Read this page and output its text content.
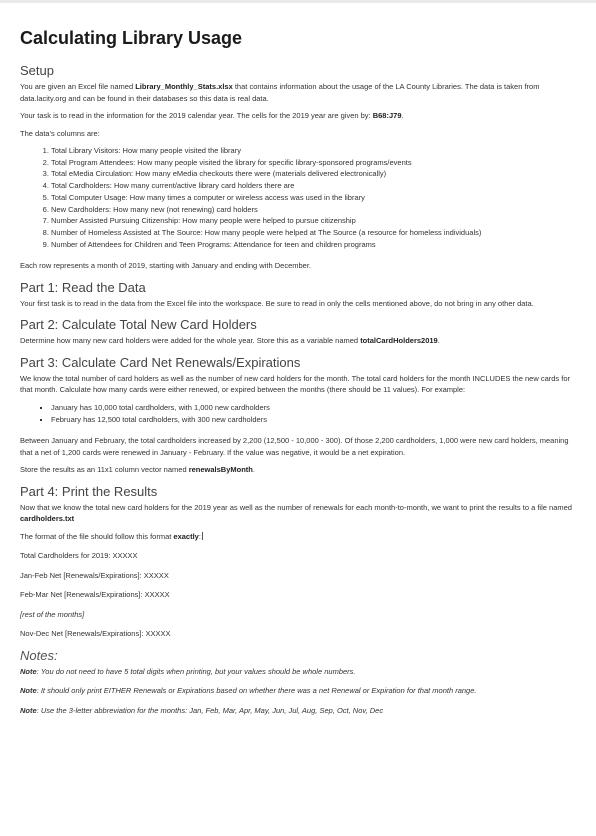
Calculating Library Usage
Setup

You are given an Excel file named Library_Monthly_Stats.xlsx that contains information about the usage of the LA County Libraries. The data is taken from data.lacity.org and can be found in their databases so this data is real data.

Your task is to read in the information for the 2019 calendar year. The cells for the 2019 year are given by: B68:J79.

The data's columns are:

1. Total Library Visitors: How many people visited the library
2. Total Program Attendees: How many people visited the library for specific library-sponsored programs/events
3. Total eMedia Circulation: How many eMedia checkouts there were (materials delivered electronically)
4. Total Cardholders: How many current/active library card holders there are
5. Total Computer Usage: How many times a computer or wireless access was used in the library
6. New Cardholders: How many new (not renewing) card holders
7. Number Assisted Pursuing Citizenship: How many people were helped to pursue citizenship
8. Number of Homeless Assisted at The Source: How many people were helped at The Source (a resource for homeless individuals)
9. Number of Attendees for Children and Teen Programs: Attendance for teen and children programs

Each row represents a month of 2019, starting with January and ending with December.

Part 1: Read the Data

Your first task is to read in the data from the Excel file into the workspace. Be sure to read in only the cells mentioned above, do not bring in any other data.

Part 2: Calculate Total New Card Holders

Determine how many new card holders were added for the whole year. Store this as a variable named totalCardHolders2019.

Part 3: Calculate Card Net Renewals/Expirations

We know the total number of card holders as well as the number of new card holders for the month. The total card holders for the month INCLUDES the new cards for that month. Calculate how many cards were either renewed, or expired between the months (there should be 11 values). For example:

▪ January has 10,000 total cardholders, with 1,000 new cardholders
▪ February has 12,500 total cardholders, with 300 new cardholders

Between January and February, the total cardholders increased by 2,200 (12,500 - 10,000 - 300). Of those 2,200 cardholders, 1,000 were new card holders, meaning that a net of 1,200 cards were renewed in January - February. If the value was negative, it would be a net expiration.

Store the results as an 11x1 column vector named renewalsByMonth.

Part 4: Print the Results

Now that we know the total new card holders for the 2019 year as well as the number of renewals for each month-to-month, we want to print the results to a file named cardholders.txt

The format of the file should follow this format exactly:

Total Cardholders for 2019: XXXXX

Jan-Feb Net [Renewals/Expirations]: XXXXX

Feb-Mar Net [Renewals/Expirations]: XXXXX

[rest of the months]

Nov-Dec Net [Renewals/Expirations]: XXXXX

Notes:

Note: You do not need to have 5 total digits when printing, but your values should be whole numbers.

Note: It should only print EITHER Renewals or Expirations based on whether there was a net Renewal or Expiration for that month range.

Note: Use the 3-letter abbreviation for the months: Jan, Feb, Mar, Apr, May, Jun, Jul, Aug, Sep, Oct, Nov, Dec
